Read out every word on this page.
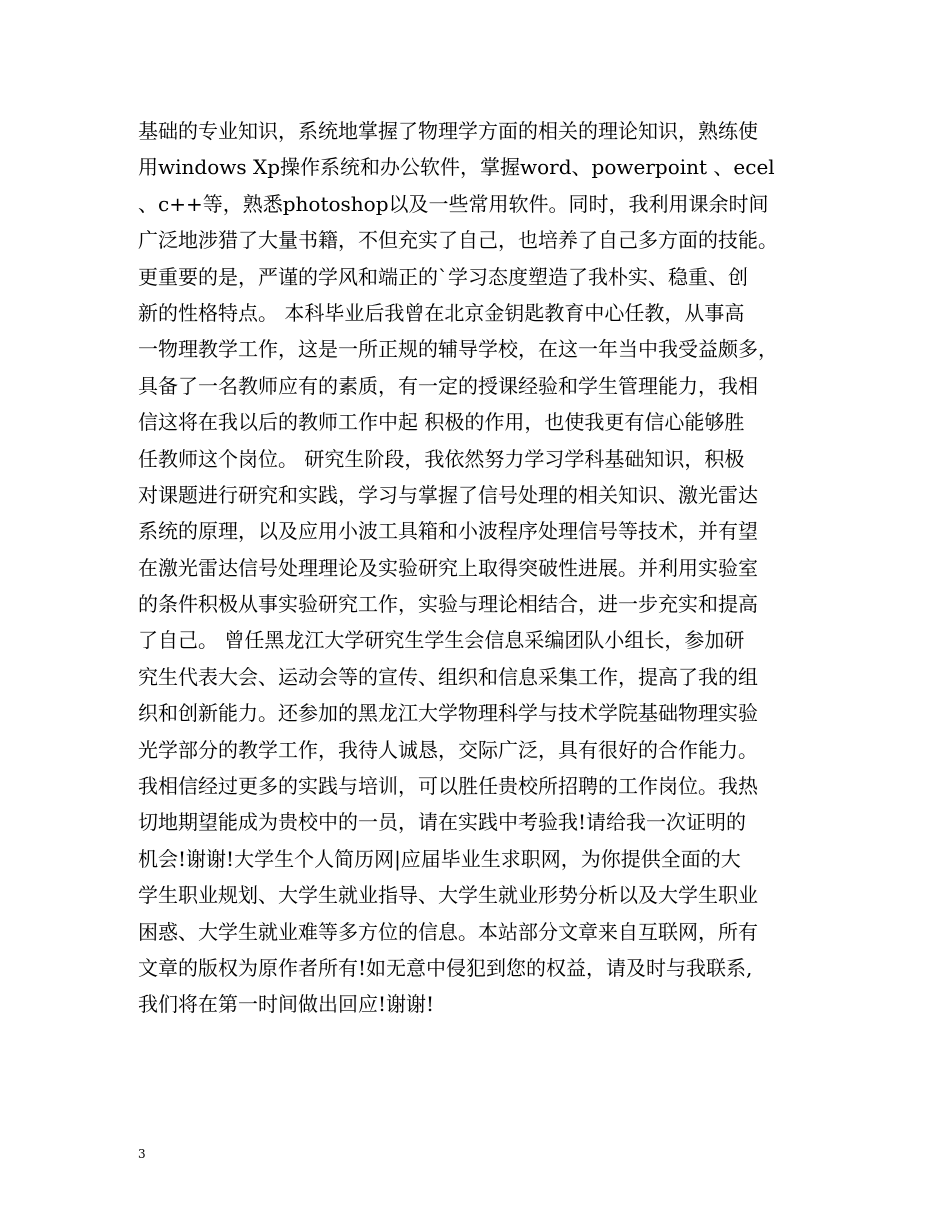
基础的专业知识，系统地掌握了物理学方面的相关的理论知识，熟练使
用windows Xp操作系统和办公软件，掌握word、powerpoint 、ecel
、c++等，熟悉photoshop以及一些常用软件。同时，我利用课余时间
广泛地涉猎了大量书籍，不但充实了自己，也培养了自己多方面的技能。
更重要的是，严谨的学风和端正的`学习态度塑造了我朴实、稳重、创
新的性格特点。 本科毕业后我曾在北京金钥匙教育中心任教，从事高
一物理教学工作，这是一所正规的辅导学校，在这一年当中我受益颇多，
具备了一名教师应有的素质，有一定的授课经验和学生管理能力，我相
信这将在我以后的教师工作中起 积极的作用，也使我更有信心能够胜
任教师这个岗位。 研究生阶段，我依然努力学习学科基础知识，积极
对课题进行研究和实践，学习与掌握了信号处理的相关知识、激光雷达
系统的原理，以及应用小波工具箱和小波程序处理信号等技术，并有望
在激光雷达信号处理理论及实验研究上取得突破性进展。并利用实验室
的条件积极从事实验研究工作，实验与理论相结合，进一步充实和提高
了自己。 曾任黑龙江大学研究生学生会信息采编团队小组长，参加研
究生代表大会、运动会等的宣传、组织和信息采集工作，提高了我的组
织和创新能力。还参加的黑龙江大学物理科学与技术学院基础物理实验
光学部分的教学工作，我待人诚恳，交际广泛，具有很好的合作能力。
我相信经过更多的实践与培训，可以胜任贵校所招聘的工作岗位。我热
切地期望能成为贵校中的一员，请在实践中考验我!请给我一次证明的
机会!谢谢!大学生个人简历网|应届毕业生求职网，为你提供全面的大
学生职业规划、大学生就业指导、大学生就业形势分析以及大学生职业
困惑、大学生就业难等多方位的信息。本站部分文章来自互联网，所有
文章的版权为原作者所有!如无意中侵犯到您的权益，请及时与我联系,
我们将在第一时间做出回应!谢谢!
3
